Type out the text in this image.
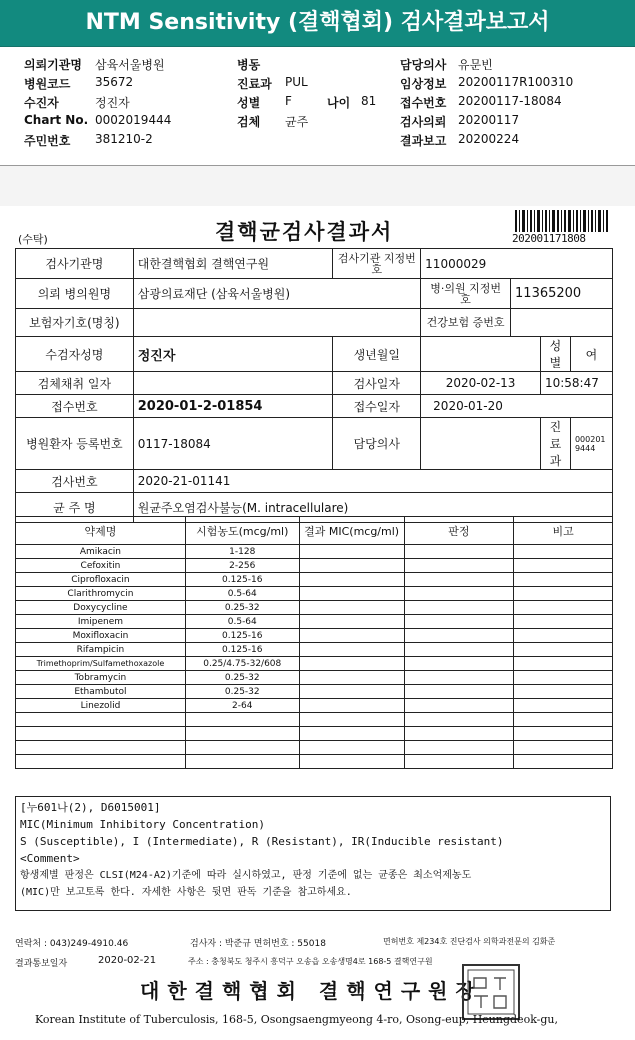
NTM Sensitivity (결핵협회) 검사결과보고서
의뢰기관명 삼육서울병원	병동	담당의사 유문빈
병원코드 35672	진료과 PUL	임상정보 20200117R100310
수진자	정진자	성별 F	나이 81 접수번호 20200117-18084
Chart No. 0002019444	검체 균주	검사의뢰 20200117
주민번호 381210-2	결과보고 20200224
(수탁)	결핵균검사결과서	202001171808
검사기관명	대한결핵협회 결핵연구원	검사기관 지정번호	11000029			
의뢰 병의원명	삼광의료재단 (삼육서울병원)		병·의원 지정번호	11365200		
보험자기호(명칭)			건강보험 증번호			
수검자성명	정진자	생년월일			성별	여
검체채취 일자		검사일자	2020-02-13		10:58:47	
접수번호	2020-01-2-01854	접수일자	2020-01-20			
병원환자 등록번호	0117-18084	담당의사			진료과	0002019444
검사번호	2020-21-01141					
균 주 명	원균주오염검사불능(M. intracellulare)					
약제명	시험농도(mcg/ml)	결과 MIC(mcg/ml)	판정	비고
Amikacin	1-128			
Cefoxitin	2-256			
Ciprofloxacin	0.125-16			
Clarithromycin	0.5-64			
Doxycycline	0.25-32			
Imipenem	0.5-64			
Moxifloxacin	0.125-16			
Rifampicin	0.125-16			
Trimethoprim/Sulfamethoxazole	0.25/4.75-32/608			
Tobramycin	0.25-32			
Ethambutol	0.25-32			
Linezolid	2-64			

[누601나(2), D6015001]
MIC(Minimum Inhibitory Concentration)
S (Susceptible), I (Intermediate), R (Resistant), IR(Inducible resistant)
<Comment>
항생제별 판정은 CLSI(M24-A2)기준에 따라 실시하였고, 판정 기준에 없는 균종은 최소억제농도
(MIC)만 보고토록 한다. 자세한 사항은 뒷면 판독 기준을 참고하세요.
연락처 : 043)249-4910.46	검사자 : 박준규 면허번호 : 55018	면허번호 제234호 진단검사 의학과전문의 김화준
결과통보일자	2020-02-21	주소 : 충청북도 청주시 흥덕구 오송읍 오송생명4로 168-5 결핵연구원
대한결핵협회 결핵연구원장
Korean Institute of Tuberculosis, 168-5, Osongsaengmyeong 4-ro, Osong-eup, Heungdeok-gu,
